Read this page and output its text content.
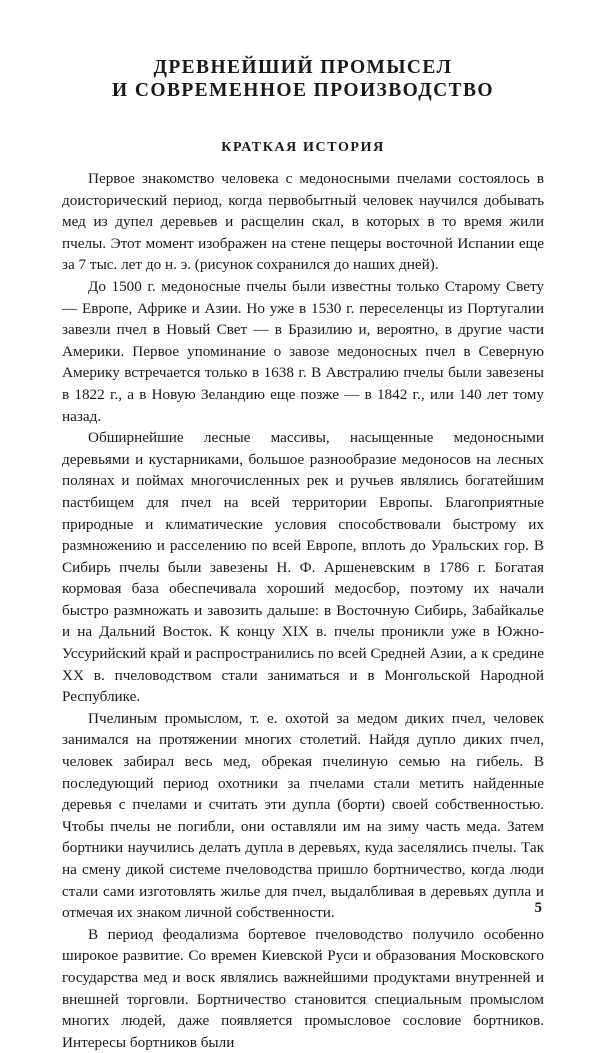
ДРЕВНЕЙШИЙ ПРОМЫСЕЛ
И СОВРЕМЕННОЕ ПРОИЗВОДСТВО
КРАТКАЯ ИСТОРИЯ

Первое знакомство человека с медоносными пчелами состоялось в доисторический период, когда первобытный человек научился добывать мед из дупел деревьев и расщелин скал, в которых в то время жили пчелы. Этот момент изображен на стене пещеры восточной Испании еще за 7 тыс. лет до н. э. (рисунок сохранился до наших дней).

До 1500 г. медоносные пчелы были известны только Старому Свету — Европе, Африке и Азии. Но уже в 1530 г. переселенцы из Португалии завезли пчел в Новый Свет — в Бразилию и, вероятно, в другие части Америки. Первое упоминание о завозе медоносных пчел в Северную Америку встречается только в 1638 г. В Австралию пчелы были завезены в 1822 г., а в Новую Зеландию еще позже — в 1842 г., или 140 лет тому назад.

Обширнейшие лесные массивы, насыщенные медоносными деревьями и кустарниками, большое разнообразие медоносов на лесных полянах и поймах многочисленных рек и ручьев являлись богатейшим пастбищем для пчел на всей территории Европы. Благоприятные природные и климатические условия способствовали быстрому их размножению и расселению по всей Европе, вплоть до Уральских гор. В Сибирь пчелы были завезены Н. Ф. Аршеневским в 1786 г. Богатая кормовая база обеспечивала хороший медосбор, поэтому их начали быстро размножать и завозить дальше: в Восточную Сибирь, Забайкалье и на Дальний Восток. К концу XIX в. пчелы проникли уже в Южно-Уссурийский край и распространились по всей Средней Азии, а к средине XX в. пчеловодством стали заниматься и в Монгольской Народной Республике.

Пчелиным промыслом, т. е. охотой за медом диких пчел, человек занимался на протяжении многих столетий. Найдя дупло диких пчел, человек забирал весь мед, обрекая пчелиную семью на гибель. В последующий период охотники за пчелами стали метить найденные деревья с пчелами и считать эти дупла (борти) своей собственностью. Чтобы пчелы не погибли, они оставляли им на зиму часть меда. Затем бортники научились делать дупла в деревьях, куда заселялись пчелы. Так на смену дикой системе пчеловодства пришло бортничество, когда люди стали сами изготовлять жилье для пчел, выдалбливая в деревьях дупла и отмечая их знаком личной собственности.

В период феодализма бортевое пчеловодство получило особенно широкое развитие. Со времен Киевской Руси и образования Московского государства мед и воск являлись важнейшими продуктами внутренней и внешней торговли. Бортничество становится специальным промыслом многих людей, даже появляется промысловое сословие бортников. Интересы бортников были

5
